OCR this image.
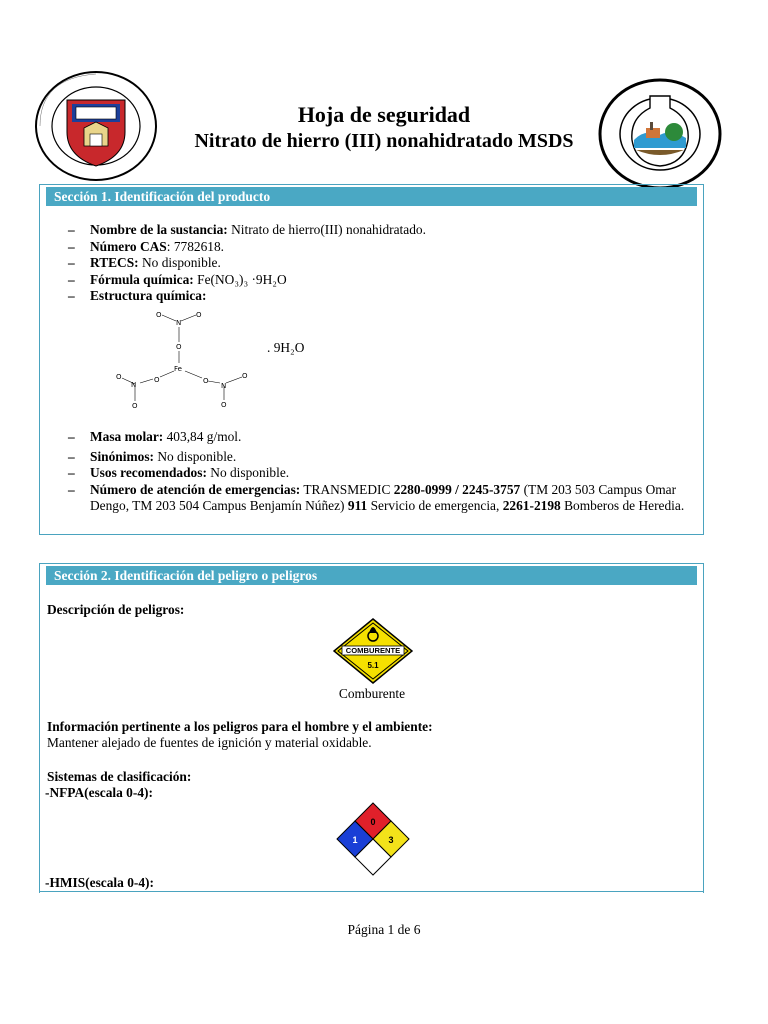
Hoja de seguridad
Nitrato de hierro (III) nonahidratado MSDS
Sección 1. Identificación del producto
– Nombre de la sustancia: Nitrato de hierro(III) nonahidratado.
– Número CAS: 7782618.
– RTECS: No disponible.
– Fórmula química: Fe(NO₃)₃ ·9H₂O
– Estructura química:
N
O
Fe
O	O
N	N
O
O
O
O
O
O
. 9H₂O
– Masa molar: 403,84 g/mol.
– Sinónimos: No disponible.
– Usos recomendados: No disponible.
– Número de atención de emergencias: TRANSMEDIC 2280-0999 / 2245-3757 (TM 203 503 Campus Omar Dengo, TM 203 504 Campus Benjamín Núñez) 911 Servicio de emergencia, 2261-2198 Bomberos de Heredia.
Sección 2. Identificación del peligro o peligros
Descripción de peligros:
COMBURENTE
5.1
Comburente
Información pertinente a los peligros para el hombre y el ambiente:
Mantener alejado de fuentes de ignición y material oxidable.
Sistemas de clasificación:
-NFPA(escala 0-4):
0
1	3
-HMIS(escala 0-4):
Página 1 de 6
